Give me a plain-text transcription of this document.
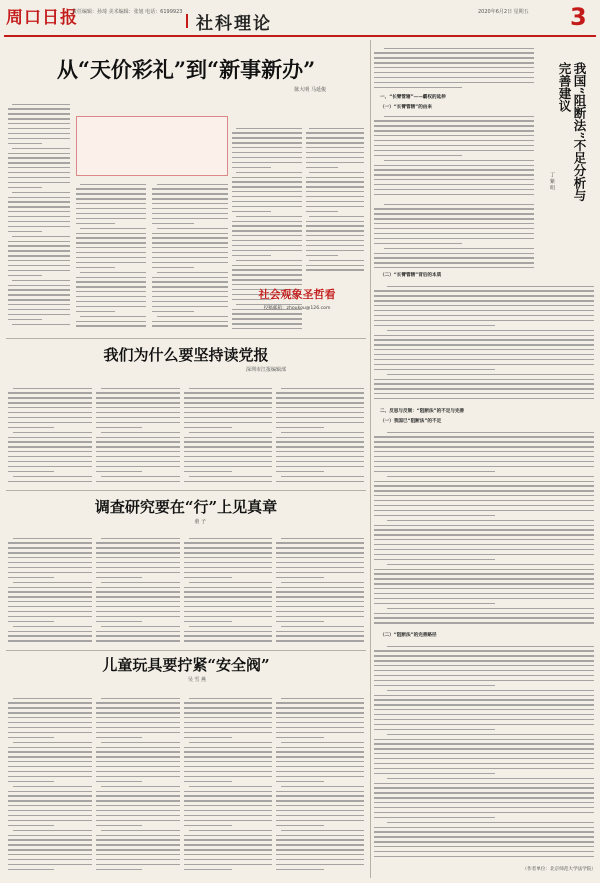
周口日报
责任编辑：孙琦 美术编辑：张旭 电话：6199923
社科理论
2020年6月2日 星期五 3
从“天价彩礼”到“新事新办”
陈大明 马延俊
社会观象圣哲看
投稿邮箱：zhoukou@126.com
我们为什么要坚持读党报
深圳市江报编辑部
调查研究要在“行”上见真章
童 子
儿童玩具要拧紧“安全阀”
吴 雪 燕
一、“长臂管辖”——霸权的延伸
（一）“长臂管辖”的由来	我国“阻断法”不足分析与完善建议
丁 紫 明
（二）“长臂管辖”背后的本质
二、反思与反制：“阻断法”的不足与完善
（一）我国已“阻断法”的不足
（二）“阻断法”的完善路径
（作者单位：北京师范大学法学院）
